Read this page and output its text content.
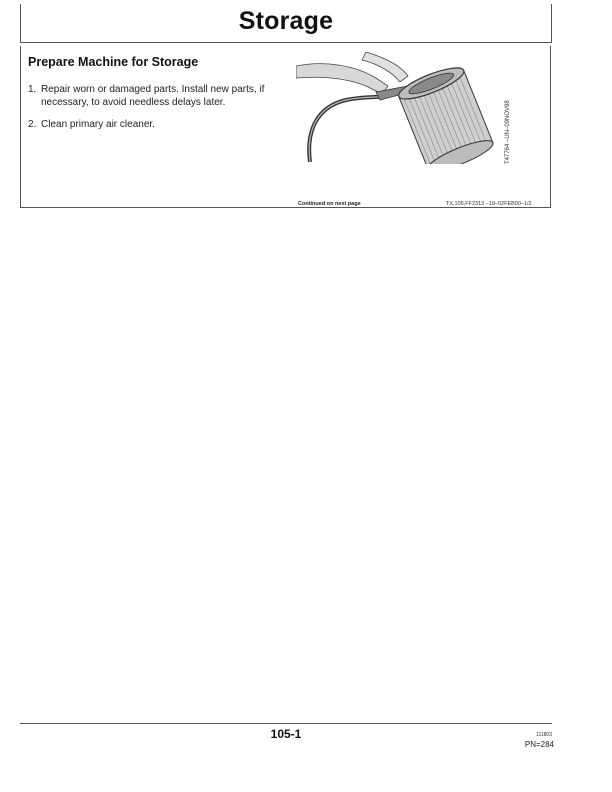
Storage
Prepare Machine for Storage
1. Repair worn or damaged parts. Install new parts, if necessary, to avoid needless delays later.
2. Clean primary air cleaner.	T47764 –UN–09NOV88
Continued on next page	TX,105,FF2313 –19–02FEB00–1/2
105-1	111803
PN=284
